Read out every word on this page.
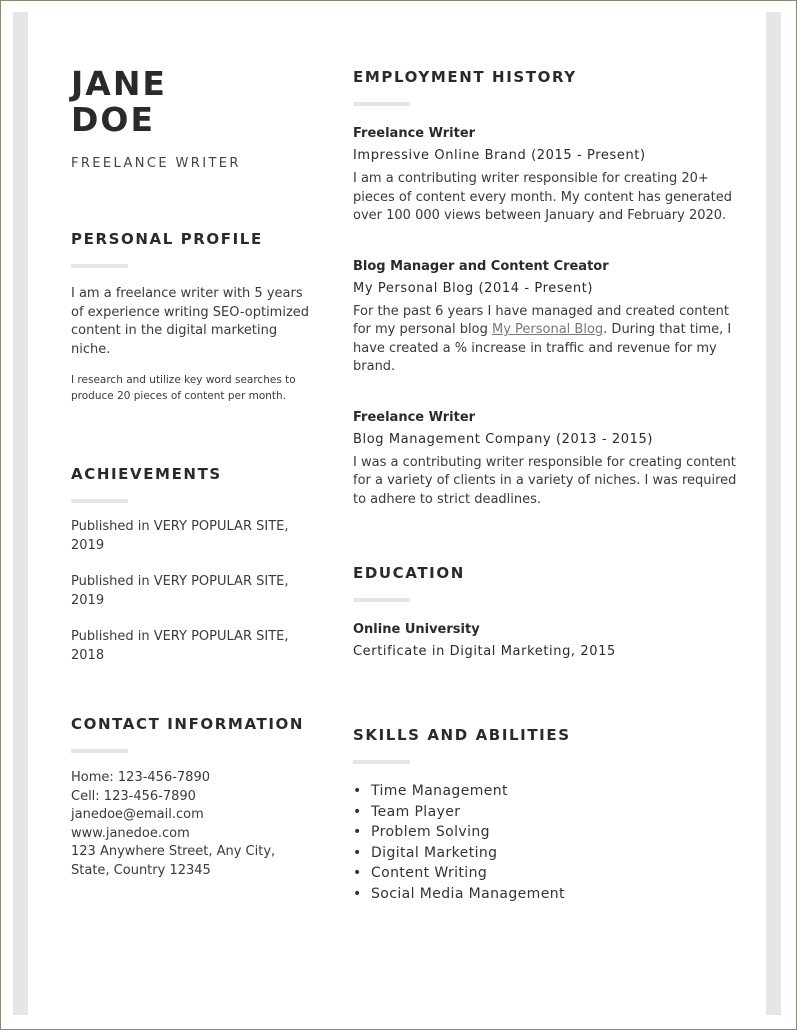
JANE
DOE
FREELANCE WRITER
PERSONAL PROFILE

I am a freelance writer with 5 years of experience writing SEO-optimized content in the digital marketing niche.

I research and utilize key word searches to produce 20 pieces of content per month.

ACHIEVEMENTS

Published in VERY POPULAR SITE, 2019

Published in VERY POPULAR SITE, 2019

Published in VERY POPULAR SITE, 2018

CONTACT INFORMATION

Home: 123-456-7890

Cell: 123-456-7890

janedoe@email.com

www.janedoe.com

123 Anywhere Street, Any City,

State, Country 12345

EMPLOYMENT HISTORY

Freelance Writer

Impressive Online Brand (2015 - Present)

I am a contributing writer responsible for creating 20+ pieces of content every month. My content has generated over 100 000 views between January and February 2020.

Blog Manager and Content Creator

My Personal Blog (2014 - Present)

For the past 6 years I have managed and created content for my personal blog My Personal Blog. During that time, I have created a % increase in traffic and revenue for my brand.

Freelance Writer

Blog Management Company (2013 - 2015)

I was a contributing writer responsible for creating content for a variety of clients in a variety of niches. I was required to adhere to strict deadlines.

EDUCATION

Online University

Certificate in Digital Marketing, 2015

SKILLS AND ABILITIES
• Time Management
• Team Player
• Problem Solving
• Digital Marketing
• Content Writing
• Social Media Management
